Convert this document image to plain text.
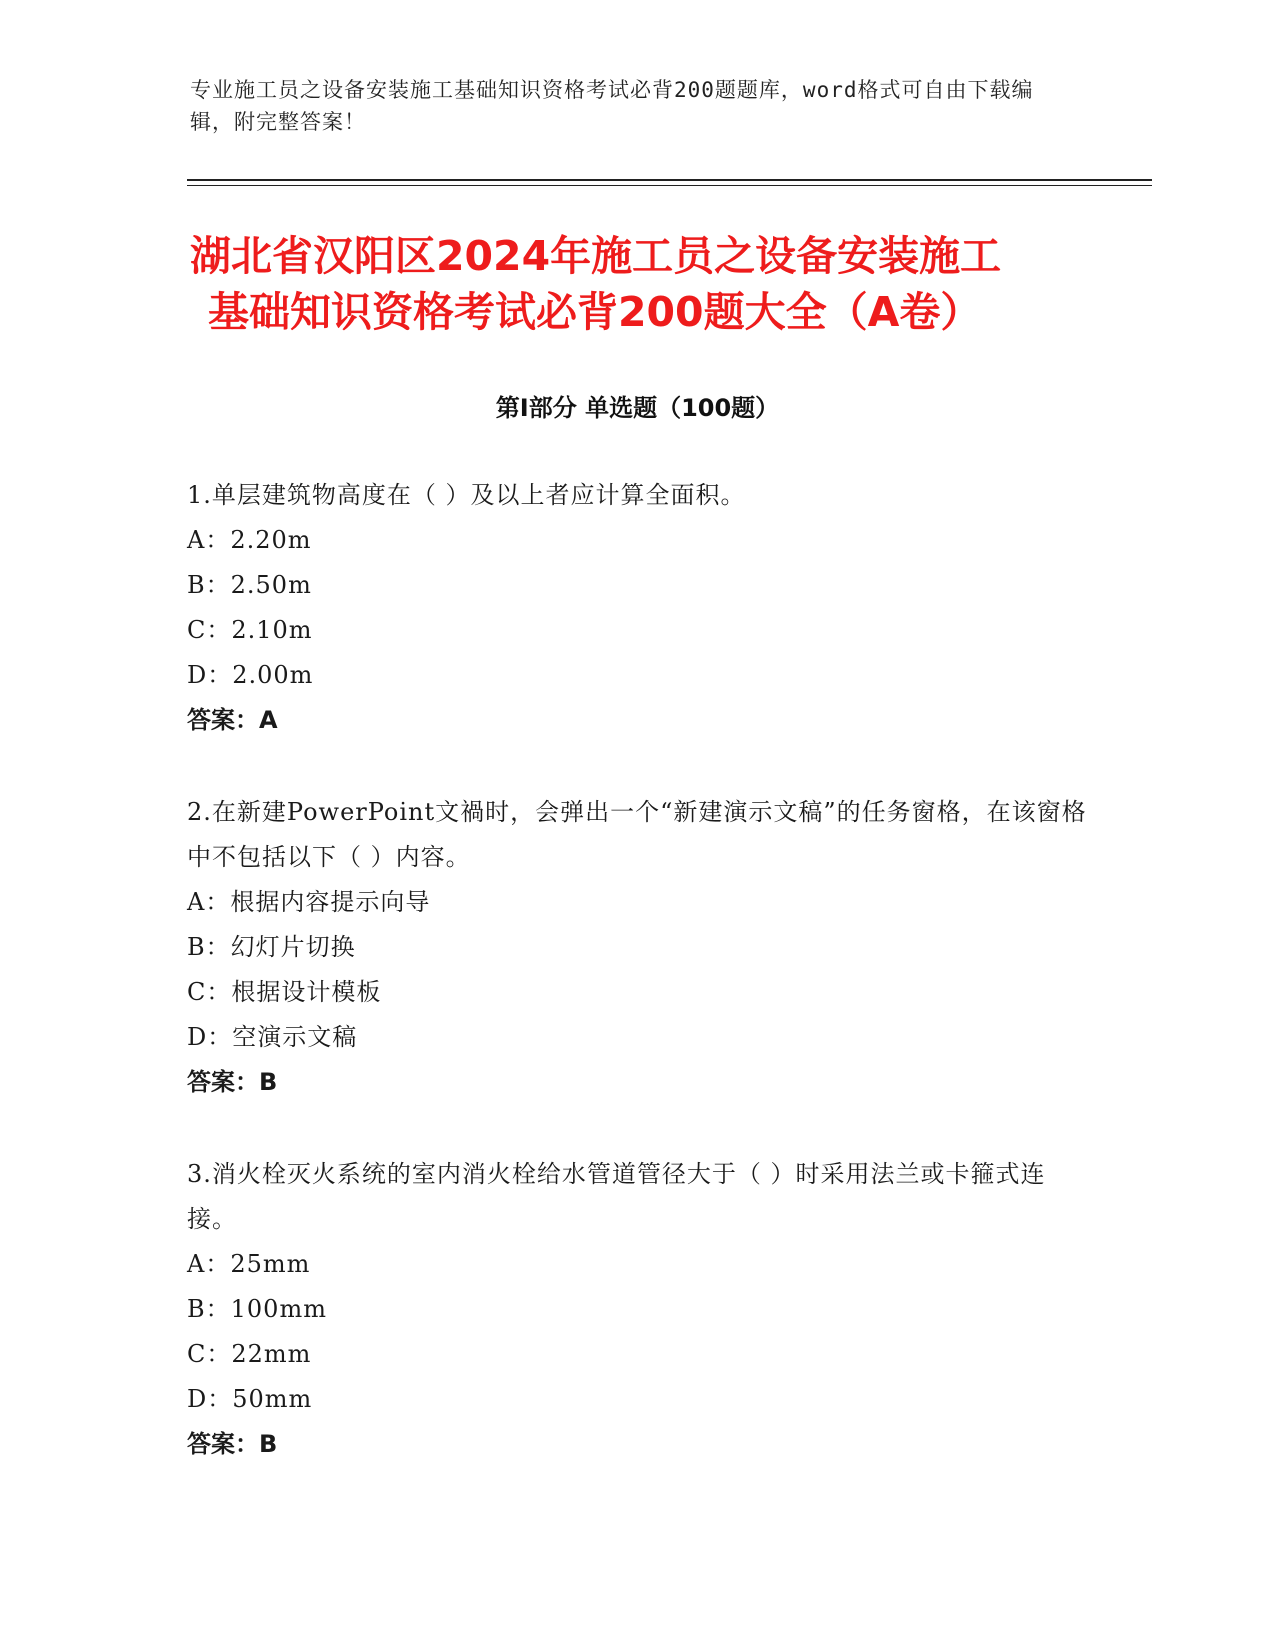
专业施工员之设备安装施工基础知识资格考试必背200题题库，word格式可自由下载编辑，附完整答案！
湖北省汉阳区2024年施工员之设备安装施工
基础知识资格考试必背200题大全（A卷）
第Ⅰ部分 单选题（100题）

1.单层建筑物高度在（ ）及以上者应计算全面积。

A：2.20m

B：2.50m

C：2.10m

D：2.00m

答案：A

2.在新建PowerPoint文禍时，会弹出一个“新建演示文稿”的任务窗格，在该窗格中不包括以下（ ）内容。

A：根据内容提示向导

B：幻灯片切换

C：根据设计模板

D：空演示文稿

答案：B

3.消火栓灭火系统的室内消火栓给水管道管径大于（ ）时采用法兰或卡箍式连接。

A：25mm

B：100mm

C：22mm

D：50mm

答案：B
